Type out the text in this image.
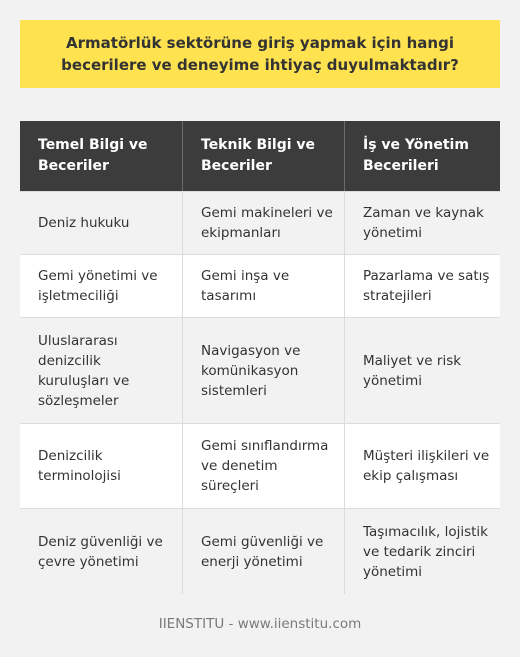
Armatörlük sektörüne giriş yapmak için hangi becerilere ve deneyime ihtiyaç duyulmaktadır?
Temel Bilgi ve Beceriler
Teknik Bilgi ve Beceriler
İş ve Yönetim Becerileri
Deniz hukuku
Gemi makineleri ve ekipmanları
Zaman ve kaynak yönetimi
Gemi yönetimi ve işletmeciliği
Gemi inşa ve tasarımı
Pazarlama ve satış stratejileri
Uluslararası denizcilik kuruluşları ve sözleşmeler
Navigasyon ve komünikasyon sistemleri
Maliyet ve risk yönetimi
Denizcilik terminolojisi
Gemi sınıflandırma ve denetim süreçleri
Müşteri ilişkileri ve ekip çalışması
Deniz güvenliği ve çevre yönetimi
Gemi güvenliği ve enerji yönetimi
Taşımacılık, lojistik ve tedarik zinciri yönetimi
IIENSTITU - www.iienstitu.com
